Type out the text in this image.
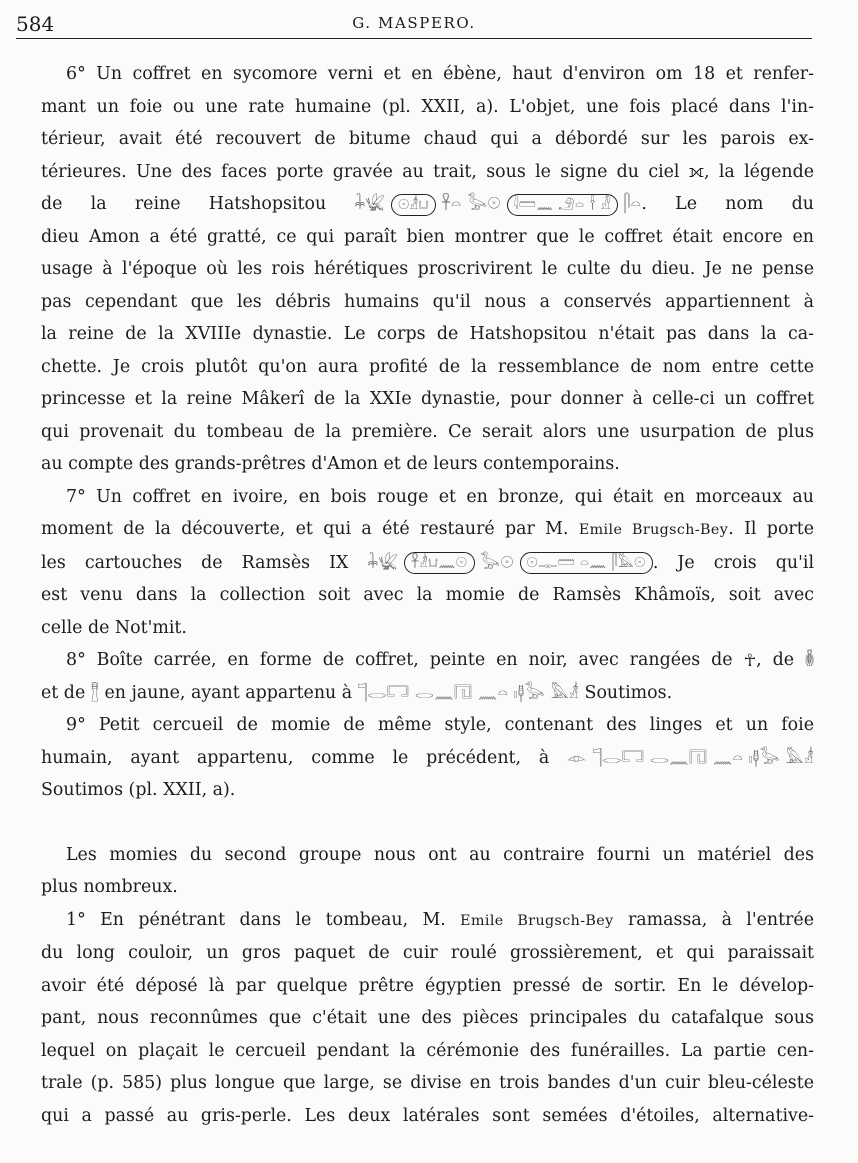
584	G. MASPERO.

6° Un coffret en sycomore verni et en ébène, haut d'environ om 18 et renfer-

mant un foie ou une rate humaine (pl. XXII, a). L'objet, une fois placé dans l'in-

térieur, avait été recouvert de bitume chaud qui a débordé sur les parois ex-

térieures. Une des faces porte gravée au trait, sous le signe du ciel ⟗, la légende

de la reine Hatshopsitou 𓇓𓆤 𓇳𓁦𓂓 𓋹𓏏 𓅭𓇳 𓇋𓏠𓈖 𓄂𓏏 𓌂 𓁐 𓋴𓏏. Le nom du

dieu Amon a été gratté, ce qui paraît bien montrer que le coffret était encore en

usage à l'époque où les rois hérétiques proscrivirent le culte du dieu. Je ne pense

pas cependant que les débris humains qu'il nous a conservés appartiennent à

la reine de la XVIIIe dynastie. Le corps de Hatshopsitou n'était pas dans la ca-

chette. Je crois plutôt qu'on aura profité de la ressemblance de nom entre cette

princesse et la reine Mâkerî de la XXIe dynastie, pour donner à celle-ci un coffret

qui provenait du tombeau de la première. Ce serait alors une usurpation de plus

au compte des grands-prêtres d'Amon et de leurs contemporains.

7° Un coffret en ivoire, en bois rouge et en bronze, qui était en morceaux au

moment de la découverte, et qui a été restauré par M. Emile Brugsch-Bey. Il porte

les cartouches de Ramsès IX 𓇓𓆤 𓋹𓁦𓂓𓈖𓇳 𓅭𓇳 𓇳𓊃𓏠 𓏏𓈖 𓋴𓅓𓇳 . Je crois qu'il

est venu dans la collection soit avec la momie de Ramsès Khâmoïs, soit avec

celle de Not'mit.

8° Boîte carrée, en forme de coffret, peinte en noir, avec rangées de ☥, de 𓎬

et de 𓊽 en jaune, ayant appartenu à 𓊹𓂋𓉐 𓂋𓈖𓉔 𓈖𓏏 𓏤𓊢𓅭 𓅓𓁦 Soutimos.

9° Petit cercueil de momie de même style, contenant des linges et un foie

humain, ayant appartenu, comme le précédent, à 𓁹 𓊹𓂋𓉐 𓂋𓈖𓉔 𓈖𓏏 𓏤𓊢𓅭 𓅓𓁦

Soutimos (pl. XXII, a).

Les momies du second groupe nous ont au contraire fourni un matériel des

plus nombreux.

1° En pénétrant dans le tombeau, M. Emile Brugsch-Bey ramassa, à l'entrée

du long couloir, un gros paquet de cuir roulé grossièrement, et qui paraissait

avoir été déposé là par quelque prêtre égyptien pressé de sortir. En le dévelop-

pant, nous reconnûmes que c'était une des pièces principales du catafalque sous

lequel on plaçait le cercueil pendant la cérémonie des funérailles. La partie cen-

trale (p. 585) plus longue que large, se divise en trois bandes d'un cuir bleu-céleste

qui a passé au gris-perle. Les deux latérales sont semées d'étoiles, alternative-
